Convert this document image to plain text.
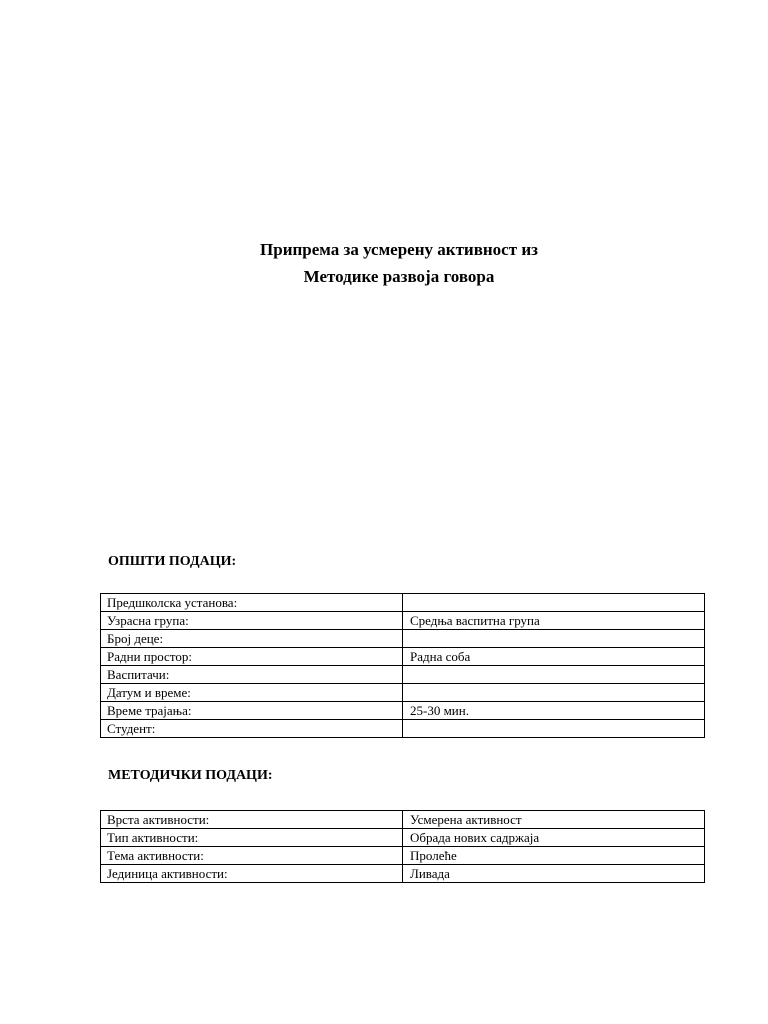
Припрема за усмерену активност из
Методике развоја говора
ОПШТИ ПОДАЦИ:
Предшколска установа:	
Узрасна група:	Средња васпитна група
Број деце:	
Радни простор:	Радна соба
Васпитачи:	
Датум и време:	
Време трајања:	25-30 мин.
Студент:	
МЕТОДИЧКИ ПОДАЦИ:
Врста активности:	Усмерена активност
Тип активности:	Обрада нових садржаја
Тема активности:	Пролеће
Јединица активности:	Ливада
